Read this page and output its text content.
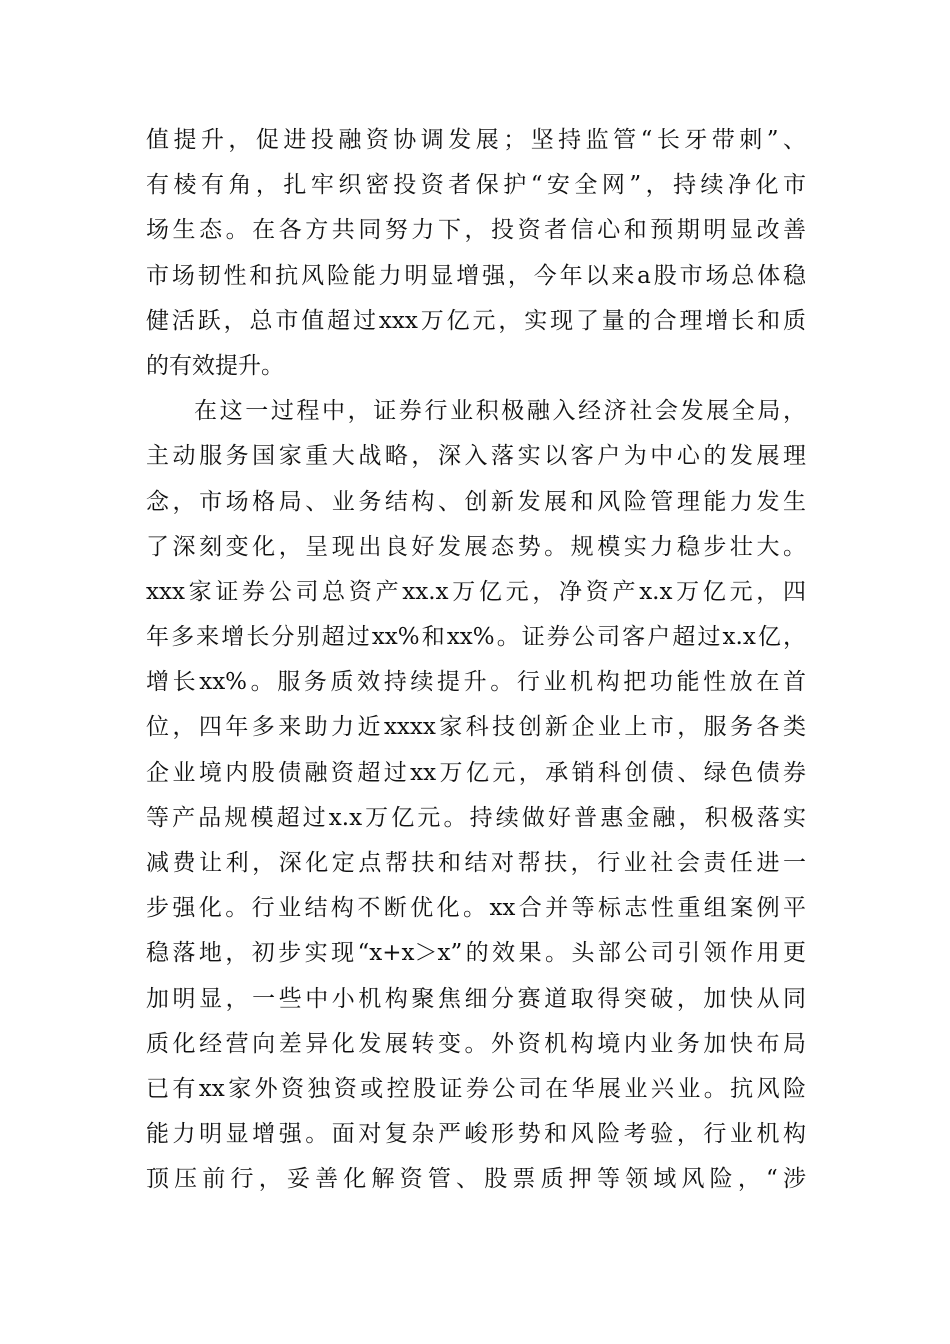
值提升，促进投融资协调发展；坚持监管“长牙带刺”、
有棱有角，扎牢织密投资者保护“安全网”，持续净化市
场生态。在各方共同努力下，投资者信心和预期明显改善
市场韧性和抗风险能力明显增强，今年以来a股市场总体稳
健活跃，总市值超过xxx万亿元，实现了量的合理增长和质
的有效提升。
在这一过程中，证券行业积极融入经济社会发展全局，
主动服务国家重大战略，深入落实以客户为中心的发展理
念，市场格局、业务结构、创新发展和风险管理能力发生
了深刻变化，呈现出良好发展态势。规模实力稳步壮大。
xxx家证券公司总资产xx.x万亿元，净资产x.x万亿元，四
年多来增长分别超过xx%和xx%。证券公司客户超过x.x亿，
增长xx%。服务质效持续提升。行业机构把功能性放在首
位，四年多来助力近xxxx家科技创新企业上市，服务各类
企业境内股债融资超过xx万亿元，承销科创债、绿色债券
等产品规模超过x.x万亿元。持续做好普惠金融，积极落实
减费让利，深化定点帮扶和结对帮扶，行业社会责任进一
步强化。行业结构不断优化。xx合并等标志性重组案例平
稳落地，初步实现“x+x＞x”的效果。头部公司引领作用更
加明显，一些中小机构聚焦细分赛道取得突破，加快从同
质化经营向差异化发展转变。外资机构境内业务加快布局
已有xx家外资独资或控股证券公司在华展业兴业。抗风险
能力明显增强。面对复杂严峻形势和风险考验，行业机构
顶压前行，妥善化解资管、股票质押等领域风险，“涉
